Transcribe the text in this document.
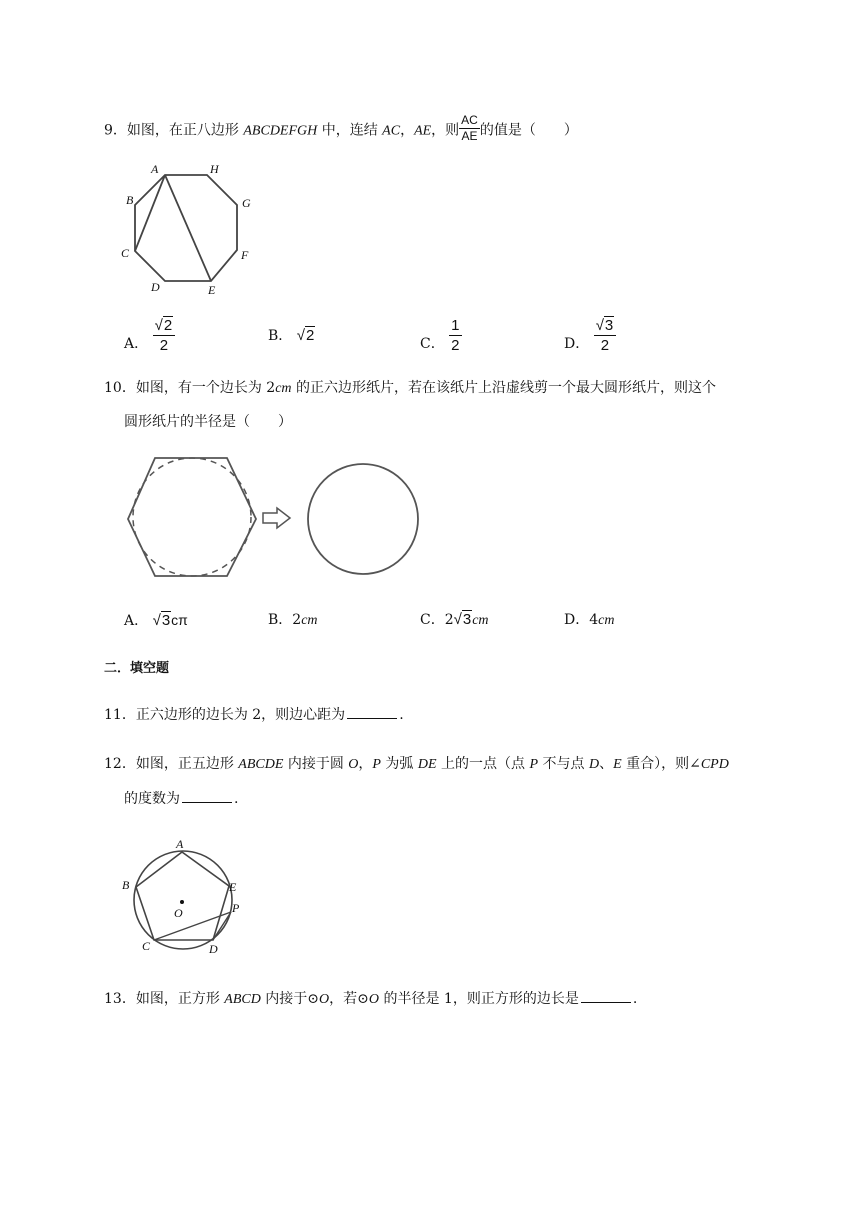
9．如图，在正八边形 ABCDEFGH 中，连结 AC，AE，则 $\frac{AC}{AE}$ 的值是（　　）
A	H
B	G
C	F
D	E
A． $\frac{√2}{2}$	B． √2	C． $\frac{1}{2}$	D． $\frac{√3}{2}$
10．如图，有一个边长为 2cm 的正六边形纸片，若在该纸片上沿虚线剪一个最大圆形纸片，则这个
圆形纸片的半径是（　　）
A． √3cπ	B．2cm	C．2√3cm	D．4cm
二．填空题
11．正六边形的边长为 2，则边心距为	.
12．如图，正五边形 ABCDE 内接于圆 O，P 为弧 DE 上的一点（点 P 不与点 D、E 重合），则∠CPD
的度数为	.
A
B	E
P
O
C	D
13．如图，正方形 ABCD 内接于⊙O，若⊙O 的半径是 1，则正方形的边长是	.
